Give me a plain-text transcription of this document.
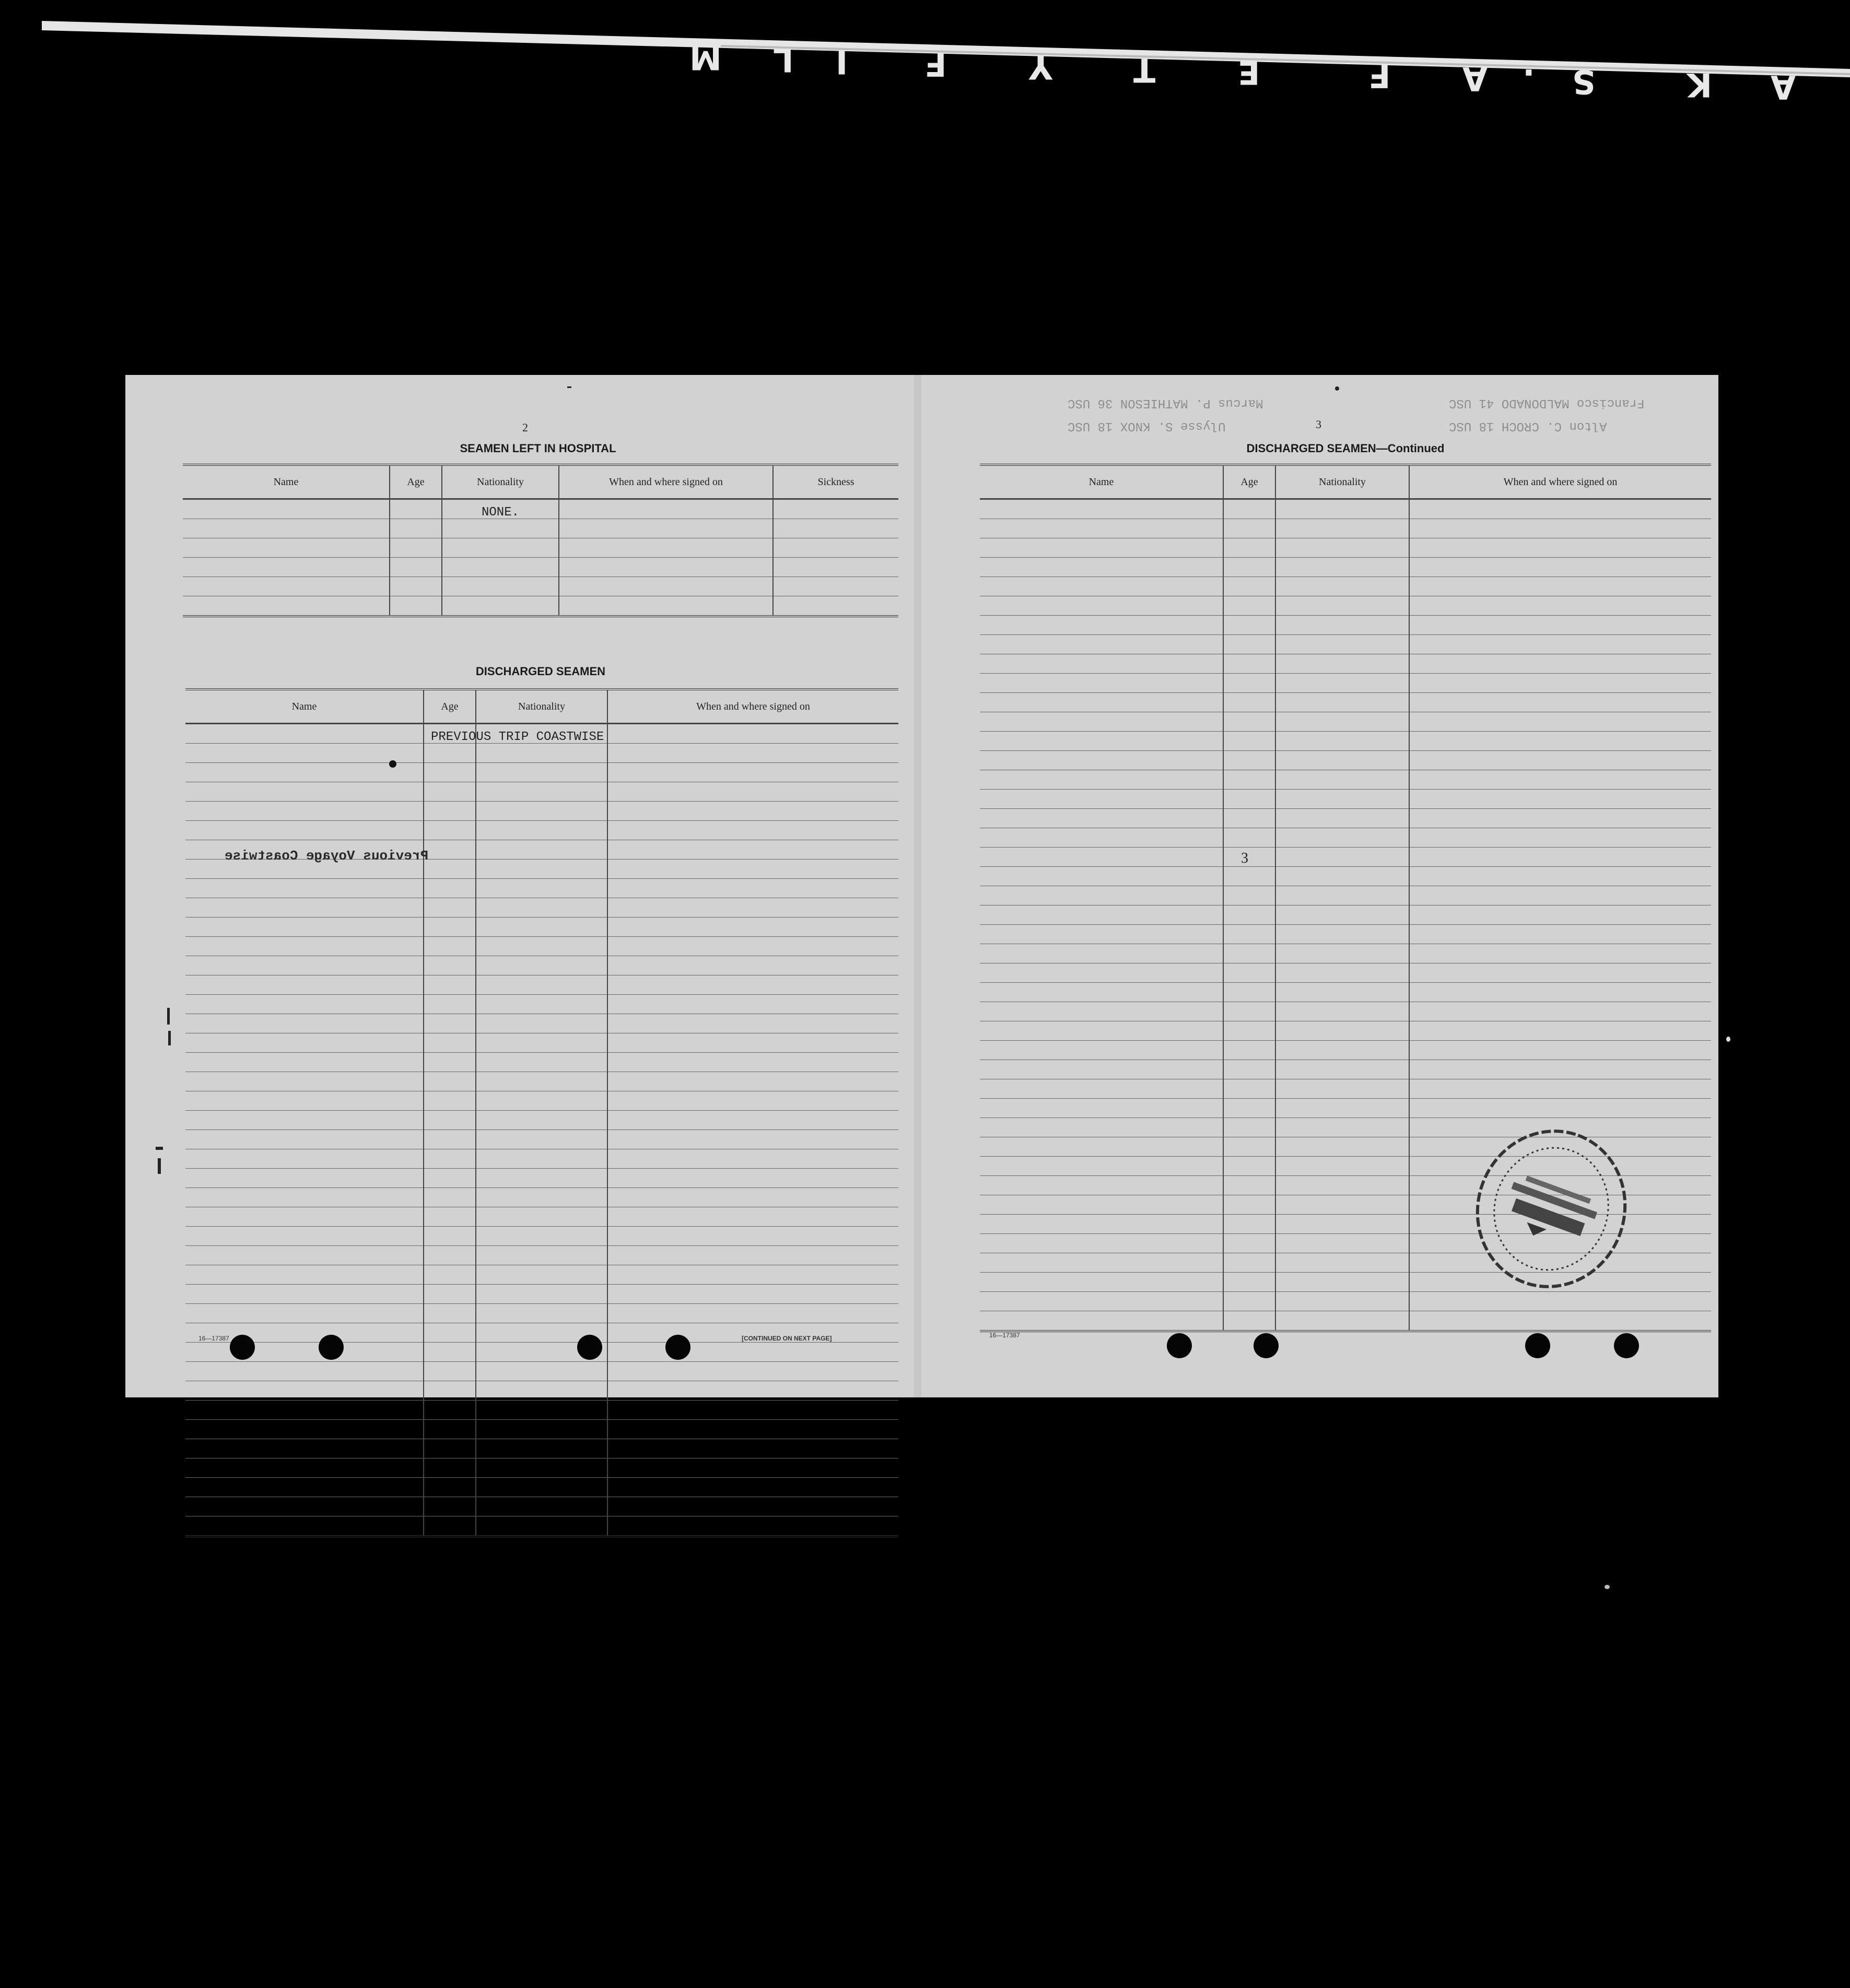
A
K
S
.
A
F
E
T
Y
F
I
L
M
2
SEAMEN LEFT IN HOSPITAL
Name	Age	Nationality	When and where signed on	Sickness

NONE.
DISCHARGED SEAMEN
Name	Age	Nationality	When and where signed on

PREVIOUS TRIP COASTWISE
Previous Voyage Coastwise
16—17387	[CONTINUED ON NEXT PAGE]
Francisco MALDONADO 41 USC
Marcus P. MATHIESON 36 USC
Alton C. CROCH 18 USC
Ulysse S. KNOX 18 USC	3
DISCHARGED SEAMEN—Continued
Name	Age	Nationality	When and where signed on

3
16—17387
